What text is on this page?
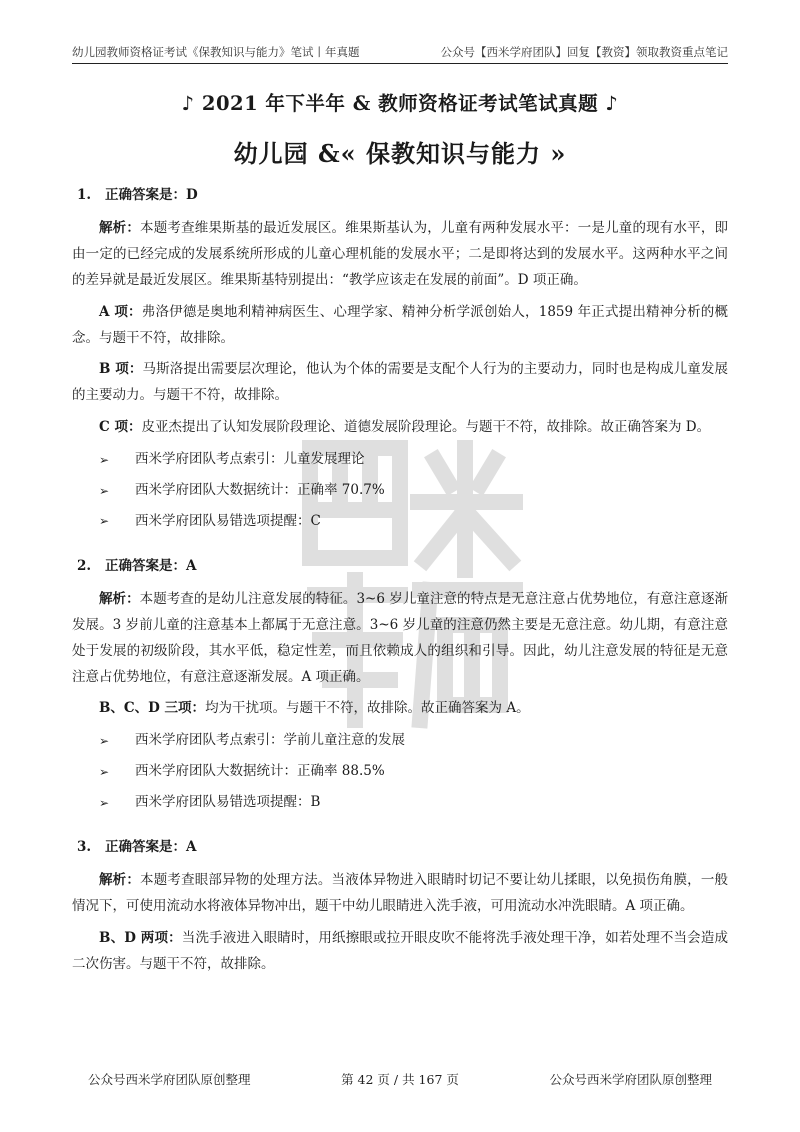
幼儿园教师资格证考试《保教知识与能力》笔试丨年真题	公众号【西米学府团队】回复【教资】领取教资重点笔记
♪ 2021 年下半年 & 教师资格证考试笔试真题 ♪
幼儿园 &« 保教知识与能力 »
1. 正确答案是：D
解析：本题考查维果斯基的最近发展区。维果斯基认为，儿童有两种发展水平：一是儿童的现有水平，即由一定的已经完成的发展系统所形成的儿童心理机能的发展水平；二是即将达到的发展水平。这两种水平之间的差异就是最近发展区。维果斯基特别提出：“教学应该走在发展的前面”。D 项正确。
A 项：弗洛伊德是奥地利精神病医生、心理学家、精神分析学派创始人，1859 年正式提出精神分析的概念。与题干不符，故排除。
B 项：马斯洛提出需要层次理论，他认为个体的需要是支配个人行为的主要动力，同时也是构成儿童发展的主要动力。与题干不符，故排除。
C 项：皮亚杰提出了认知发展阶段理论、道德发展阶段理论。与题干不符，故排除。故正确答案为 D。
➢	西米学府团队考点索引：儿童发展理论
➢	西米学府团队大数据统计：正确率 70.7%
➢	西米学府团队易错选项提醒：C
2. 正确答案是：A
解析：本题考查的是幼儿注意发展的特征。3~6 岁儿童注意的特点是无意注意占优势地位，有意注意逐渐发展。3 岁前儿童的注意基本上都属于无意注意。3~6 岁儿童的注意仍然主要是无意注意。幼儿期，有意注意处于发展的初级阶段，其水平低，稳定性差，而且依赖成人的组织和引导。因此，幼儿注意发展的特征是无意注意占优势地位，有意注意逐渐发展。A 项正确。
B、C、D 三项：均为干扰项。与题干不符，故排除。故正确答案为 A。
➢	西米学府团队考点索引：学前儿童注意的发展
➢	西米学府团队大数据统计：正确率 88.5%
➢	西米学府团队易错选项提醒：B
3. 正确答案是：A
解析：本题考查眼部异物的处理方法。当液体异物进入眼睛时切记不要让幼儿揉眼，以免损伤角膜，一般情况下，可使用流动水将液体异物冲出，题干中幼儿眼睛进入洗手液，可用流动水冲洗眼睛。A 项正确。
B、D 两项：当洗手液进入眼睛时，用纸擦眼或拉开眼皮吹不能将洗手液处理干净，如若处理不当会造成二次伤害。与题干不符，故排除。
公众号西米学府团队原创整理	第 42 页 / 共 167 页	公众号西米学府团队原创整理
